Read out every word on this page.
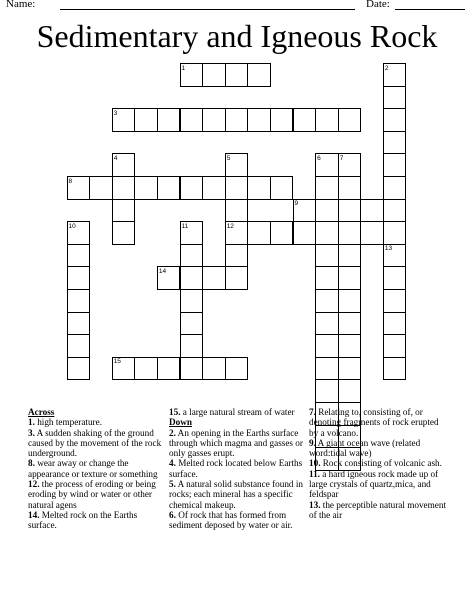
Name:	Date:
Sedimentary and Igneous Rock
1	2
3
4	5	6	7
8
9
10	11	12
13
14
15
Across
1. high temperature.
3. A sudden shaking of the ground caused by the movement of the rock underground.
8. wear away or change the appearance or texture or something
12. the process of eroding or being eroding by wind or water or other natural agens
14. Melted rock on the Earths surface.
15. a large natural stream of water
Down
2. An opening in the Earths surface through which magma and gasses or only gasses erupt.
4. Melted rock located below Earths surface.
5. A natural solid substance found in rocks; each mineral has a specific chemical makeup.
6. Of rock that has formed from sediment deposed by water or air.
7. Relating to, consisting of, or denoting fragments of rock erupted by a volcano.
9. A giant ocean wave (related word:tidal wave)
10. Rock consisting of volcanic ash.
11. a hard igneous rock made up of large crystals of quartz,mica, and feldspar
13. the perceptible natural movement of the air
